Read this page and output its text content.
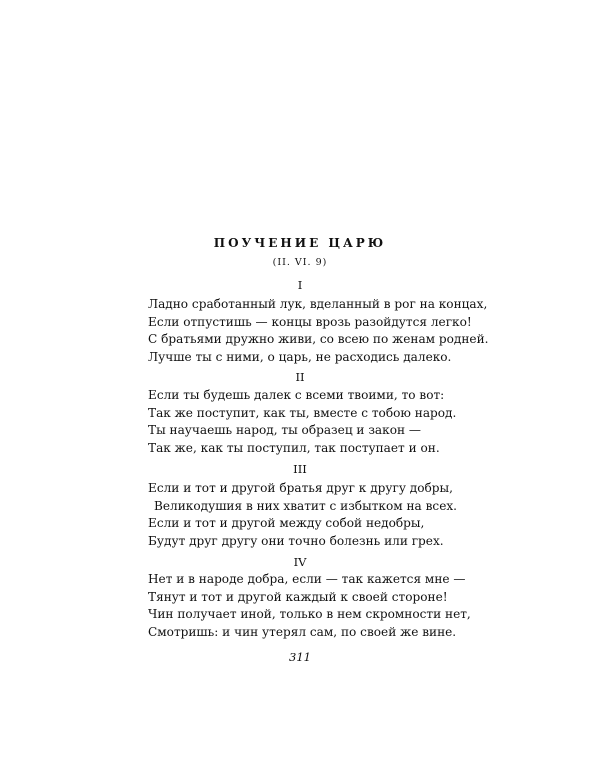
ПОУЧЕНИЕ ЦАРЮ
(II. VI. 9)
I
Ладно сработанный лук, вделанный в рог на концах,
Если отпустишь — концы врозь разойдутся легко!
С братьями дружно живи, со всею по женам родней.
Лучше ты с ними, о царь, не расходись далеко.
II
Если ты будешь далек с всеми твоими, то вот:
Так же поступит, как ты, вместе с тобою народ.
Ты научаешь народ, ты образец и закон —
Так же, как ты поступил, так поступает и он.
III
Если и тот и другой братья друг к другу добры,
Великодушия в них хватит с избытком на всех.
Если и тот и другой между собой недобры,
Будут друг другу они точно болезнь или грех.
IV
Нет и в народе добра, если — так кажется мне —
Тянут и тот и другой каждый к своей стороне!
Чин получает иной, только в нем скромности нет,
Смотришь: и чин утерял сам, по своей же вине.
311
